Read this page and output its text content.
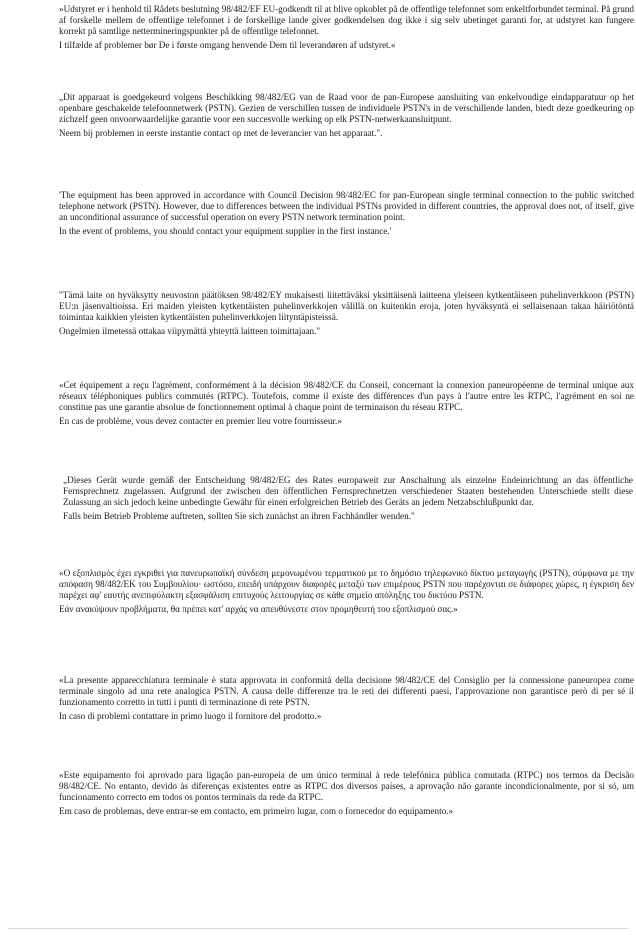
»Udstyret er i henhold til Rådets beslutning 98/482/EF EU-godkendt til at blive opkoblet på de offentlige telefonnet som enkeltforbundet terminal. På grund af forskelle mellem de offentlige telefonnet i de forskellige lande giver godkendelsen dog ikke i sig selv ubetinget garanti for, at udstyret kan fungere korrekt på samtlige nettermineringspunkter på de offentlige telefonnet.

I tilfælde af problemer bør De i første omgang henvende Dem til leverandøren af udstyret.«

„Dit apparaat is goedgekeurd volgens Beschikking 98/482/EG van de Raad voor de pan-Europese aansluiting van enkelvoudige eindapparatuur op het openbare geschakelde telefoonnetwerk (PSTN). Gezien de verschillen tussen de individuele PSTN's in de verschillende landen, biedt deze goedkeuring op zichzelf geen onvoorwaardelijke garantie voor een succesvolle werking op elk PSTN-netwerkaansluitpunt.

Neem bij problemen in eerste instantie contact op met de leverancier van het apparaat.".

'The equipment has been approved in accordance with Council Decision 98/482/EC for pan-European single terminal connection to the public switched telephone network (PSTN). However, due to differences between the individual PSTNs provided in different countries, the approval does not, of itself, give an unconditional assurance of successful operation on every PSTN network termination point.

In the event of problems, you should contact your equipment supplier in the first instance.'

"Tämä laite on hyväksytty neuvoston päätöksen 98/482/EY mukaisesti liitettäväksi yksittäisenä laitteena yleiseen kytkentäiseen puhelinverkkoon (PSTN) EU:n jäsenvaltioissa. Eri maiden yleisten kytkentäisten puhelinverkkojen välillä on kuitenkin eroja, joten hyväksyntä ei sellaisenaan takaa häiriötöntä toimintaa kaikkien yleisten kytkentäisten puhelinverkkojen liityntäpisteissä.

Ongelmien ilmetessä ottakaa viipymättä yhteyttä laitteen toimittajaan."

«Cet équipement a reçu l'agrément, conformément à la décision 98/482/CE du Conseil, concernant la connexion paneuropéenne de terminal unique aux réseaux téléphoniques publics commutés (RTPC). Toutefois, comme il existe des différences d'un pays à l'autre entre les RTPC, l'agrément en soi ne constitue pas une garantie absolue de fonctionnement optimal à chaque point de terminaison du réseau RTPC.

En cas de problème, vous devez contacter en premier lieu votre fournisseur.»

„Dieses Gerät wurde gemäß der Entscheidung 98/482/EG des Rates europaweit zur Anschaltung als einzelne Endeinrichtung an das öffentliche Fernsprechnetz zugelassen. Aufgrund der zwischen den öffentlichen Fernsprechnetzen verschiedener Staaten bestehenden Unterschiede stellt diese Zulassung an sich jedoch keine unbedingte Gewähr für einen erfolgreichen Betrieb des Geräts an jedem Netzabschlußpunkt dar.

Falls beim Betrieb Probleme auftreten, sollten Sie sich zunächst an ihren Fachhändler wenden."

«Ο εξοπλισμός έχει εγκριθεί για πανευρωπαϊκή σύνδεση μεμονωμένου τερματικού με το δημόσιο τηλεφωνικό δίκτυο μεταγωγής (PSTN), σύμφωνα με την απόφαση 98/482/ΕΚ του Συμβουλίου· ωστόσο, επειδή υπάρχουν διαφορές μεταξύ των επιμέρους PSTN που παρέχονται σε διάφορες χώρες, η έγκριση δεν παρέχει αφ' εαυτής ανεπιφύλακτη εξασφάλιση επιτυχούς λειτουργίας σε κάθε σημείο απόληξης του δικτύου PSTN.

Εάν ανακύψουν προβλήματα, θα πρέπει κατ' αρχάς να απευθύνεστε στον προμηθευτή του εξοπλισμού σας.»

«La presente apparecchiatura terminale è stata approvata in conformità della decisione 98/482/CE del Consiglio per la connessione paneuropea come terminale singolo ad una rete analogica PSTN. A causa delle differenze tra le reti dei differenti paesi, l'approvazione non garantisce però di per sé il funzionamento corretto in tutti i punti di terminazione di rete PSTN.

In caso di problemi contattare in primo luogo il fornitore del prodotto.»

«Este equipamento foi aprovado para ligação pan-europeia de um único terminal à rede telefónica pública comutada (RTPC) nos termos da Decisão 98/482/CE. No entanto, devido às diferenças existentes entre as RTPC dos diversos países, a aprovação não garante incondicionalmente, por si só, um funcionamento correcto em todos os pontos terminais da rede da RTPC.

Em caso de problemas, deve entrar-se em contacto, em primeiro lugar, com o fornecedor do equipamento.»
